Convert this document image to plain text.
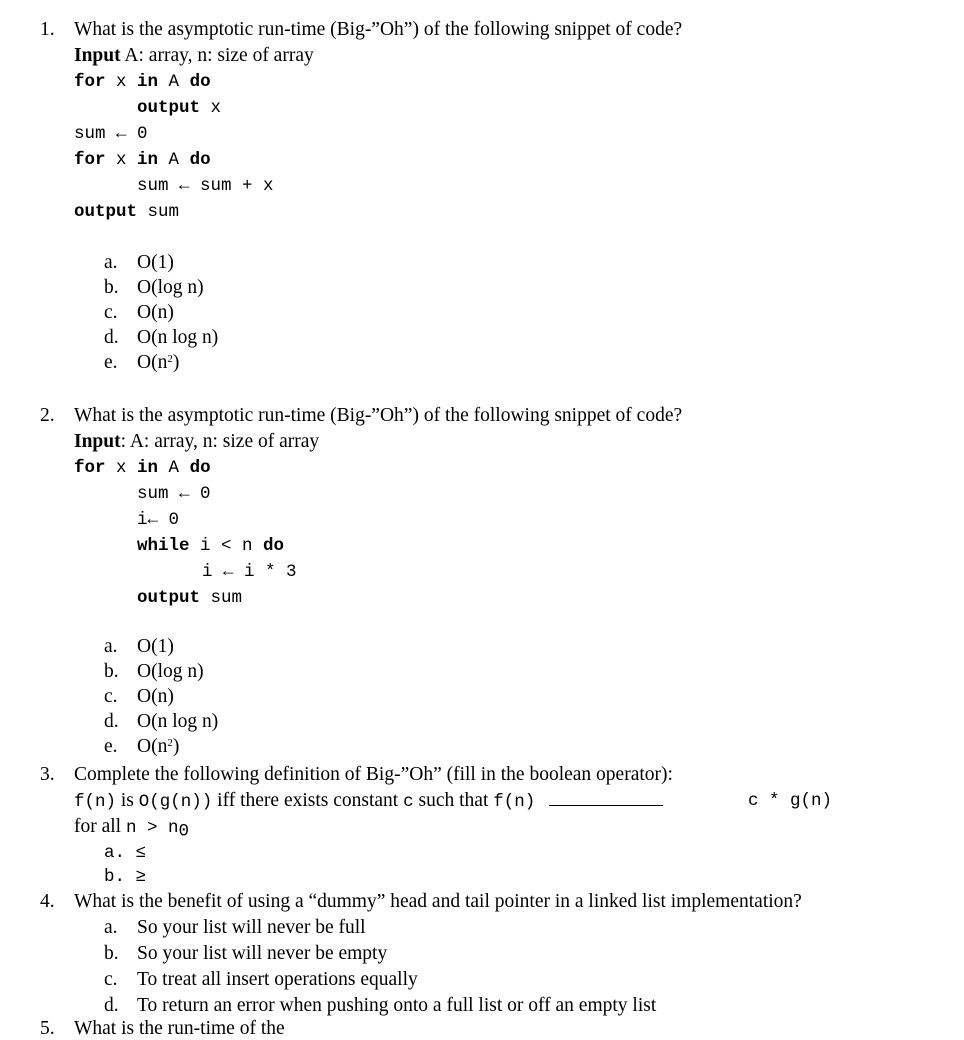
1. What is the asymptotic run-time (Big-”Oh”) of the following snippet of code?
Input A: array, n: size of array
for x in A do
output x
sum ← 0
for x in A do
sum ← sum + x
output sum
a. O(1)
b. O(log n)
c. O(n)
d. O(n log n)
e. $O(n^2)$
2. What is the asymptotic run-time (Big-”Oh”) of the following snippet of code?
Input: A: array, n: size of array
for x in A do
sum ← 0
i← 0
while i < n do
i ← i * 3
output sum
a. O(1)
b. O(log n)
c. O(n)
d. O(n log n)
e. $O(n^2)$
3. Complete the following definition of Big-”Oh” (fill in the boolean operator):
f(n) is O(g(n)) iff there exists constant c such that f(n)	c * g(n)
for all $n > n_0$
a. ≤
b. ≥
4. What is the benefit of using a “dummy” head and tail pointer in a linked list implementation?
a. So your list will never be full
b. So your list will never be empty
c. To treat all insert operations equally
d. To return an error when pushing onto a full list or off an empty list
5. What is the run-time of the
